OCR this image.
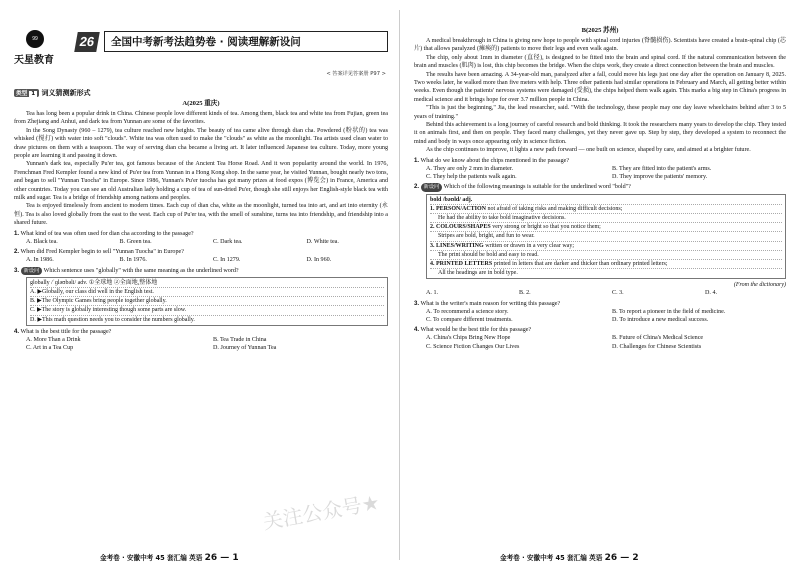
99
天星教育
26	全国中考新考法趋势卷 · 阅读理解新设问
< 答案详见答案册 P97 >
类型 1 词义猜测新形式
A(2025 重庆)

Tea has long been a popular drink in China. Chinese people love different kinds of tea. Among them, black tea and white tea from Fujian, green tea from Zhejiang and Anhui, and dark tea from Yunnan are some of the favorites.

In the Song Dynasty (960 – 1279), tea culture reached new heights. The beauty of tea came alive through dian cha. Powdered (粉状的) tea was whisked (搅打) with water into soft "clouds". White tea was often used to make the "clouds" as white as the moonlight. Tea artists used clean water to draw pictures on them with a teaspoon. The way of serving dian cha became a living art. It later influenced Japanese tea culture. Today, more young people are learning it and passing it down.

Yunnan's dark tea, especially Pu'er tea, got famous because of the Ancient Tea Horse Road. And it won popularity around the world. In 1976, Frenchman Fred Kempler found a new kind of Pu'er tea from Yunnan in a Hong Kong shop. In the same year, he visited Yunnan, bought nearly two tons, and began to sell "Yunnan Tuocha" in Europe. Since 1986, Yunnan's Pu'er tuocha has got many prizes at food expos (博览会) in France, America and other countries. Today you can see an old Australian lady holding a cup of tea of sun-dried Pu'er, though she still enjoys her English-style black tea with milk and sugar. Tea is a bridge of friendship among nations and peoples.

Tea is enjoyed timelessly from ancient to modern times. Each cup of dian cha, white as the moonlight, turned tea into art, and art into eternity (永恒). Tea is also loved globally from the east to the west. Each cup of Pu'er tea, with the smell of sunshine, turns tea into friendship, and friendship into a shared future.

1. What kind of tea was often used for dian cha according to the passage?
A. Black tea.	B. Green tea.	C. Dark tea.	D. White tea.
2. When did Fred Kempler begin to sell "Yunnan Tuocha" in Europe?
A. In 1986.	B. In 1976.	C. In 1279.	D. In 960.
3. 新设问 Which sentence uses "globally" with the same meaning as the underlined word?
globally /ˈɡləʊbəli/ adv. ①全球地 ②全面地,整体地
A. ▶Globally, our class did well in the English test.
B. ▶The Olympic Games bring people together globally.
C. ▶The story is globally interesting though some parts are slow.
D. ▶This math question needs you to consider the numbers globally.
4. What is the best title for the passage?
A. More Than a Drink	B. Tea Trade in China
C. Art in a Tea Cup	D. Journey of Yunnan Tea
金考卷 · 安徽中考 45 套汇编 英语 26 — 1
B(2025 苏州)

A medical breakthrough in China is giving new hope to people with spinal cord injuries (脊髓损伤). Scientists have created a brain-spinal chip (芯片) that allows paralyzed (瘫痪的) patients to move their legs and even walk again.

The chip, only about 1mm in diameter (直径), is designed to be fitted into the brain and spinal cord. If the natural communication between the brain and muscles (肌肉) is lost, this chip becomes the bridge. When the chips work, they create a direct connection between the brain and muscles.

The results have been amazing. A 34-year-old man, paralyzed after a fall, could move his legs just one day after the operation on January 8, 2025. Two weeks later, he walked more than five meters with help. Three other patients had similar operations in February and March, all getting better within weeks. Even though the patients' nervous systems were damaged (受损), the chips helped them walk again. This marks a big step in China's progress in medical science and it brings hope for over 3.7 million people in China.

"This is just the beginning," Jia, the lead researcher, said. "With the technology, these people may one day leave wheelchairs behind after 3 to 5 years of training."

Behind this achievement is a long journey of careful research and bold thinking. It took the researchers many years to develop the chip. They tested it on animals first, and then on people. They faced many challenges, yet they never gave up. Step by step, they developed a system to reconnect the mind and body in ways once appearing only in science fiction.

As the chip continues to improve, it lights a new path forward — one built on science, shaped by care, and aimed at a brighter future.

1. What do we know about the chips mentioned in the passage?
A. They are only 2 mm in diameter.	B. They are fitted into the patient's arms.
C. They help the patients walk again.	D. They improve the patients' memory.
2. 新设问 Which of the following meanings is suitable for the underlined word "bold"?
bold /bəʊld/ adj.
1. PERSON/ACTION not afraid of taking risks and making difficult decisions;
He had the ability to take bold imaginative decisions.
2. COLOURS/SHAPES very strong or bright so that you notice them;
Stripes are bold, bright, and fun to wear.
3. LINES/WRITING written or drawn in a very clear way;
The print should be bold and easy to read.
4. PRINTED LETTERS printed in letters that are darker and thicker than ordinary printed letters;
All the headings are in bold type.
(From the dictionary)
A. 1.	B. 2.	C. 3.	D. 4.
3. What is the writer's main reason for writing this passage?
A. To recommend a science story.	B. To report a pioneer in the field of medicine.
C. To compare different treatments.	D. To introduce a new medical success.
4. What would be the best title for this passage?
A. China's Chips Bring New Hope	B. Future of China's Medical Science
C. Science Fiction Changes Our Lives	D. Challenges for Chinese Scientists
金考卷 · 安徽中考 45 套汇编 英语 26 — 2
关注公众号★
